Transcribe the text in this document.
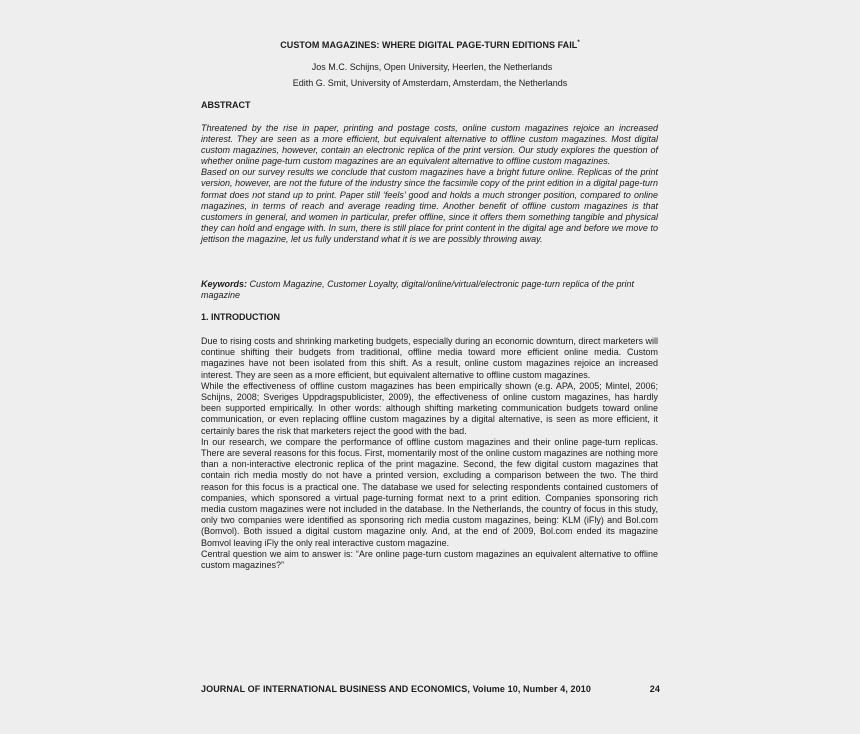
CUSTOM MAGAZINES: WHERE DIGITAL PAGE-TURN EDITIONS FAIL*
Jos M.C. Schijns, Open University, Heerlen, the Netherlands
Edith G. Smit, University of Amsterdam, Amsterdam, the Netherlands
ABSTRACT

Threatened by the rise in paper, printing and postage costs, online custom magazines rejoice an increased interest. They are seen as a more efficient, but equivalent alternative to offline custom magazines. Most digital custom magazines, however, contain an electronic replica of the print version. Our study explores the question of whether online page-turn custom magazines are an equivalent alternative to offline custom magazines.

Based on our survey results we conclude that custom magazines have a bright future online. Replicas of the print version, however, are not the future of the industry since the facsimile copy of the print edition in a digital page-turn format does not stand up to print. Paper still ‘feels’ good and holds a much stronger position, compared to online magazines, in terms of reach and average reading time. Another benefit of offline custom magazines is that customers in general, and women in particular, prefer offline, since it offers them something tangible and physical they can hold and engage with. In sum, there is still place for print content in the digital age and before we move to jettison the magazine, let us fully understand what it is we are possibly throwing away.

Keywords: Custom Magazine, Customer Loyalty, digital/online/virtual/electronic page-turn replica of the print magazine
1. INTRODUCTION

Due to rising costs and shrinking marketing budgets, especially during an economic downturn, direct marketers will continue shifting their budgets from traditional, offline media toward more efficient online media. Custom magazines have not been isolated from this shift. As a result, online custom magazines rejoice an increased interest. They are seen as a more efficient, but equivalent alternative to offline custom magazines.

While the effectiveness of offline custom magazines has been empirically shown (e.g. APA, 2005; Mintel, 2006; Schijns, 2008; Sveriges Uppdragspublicister, 2009), the effectiveness of online custom magazines, has hardly been supported empirically. In other words: although shifting marketing communication budgets toward online communication, or even replacing offline custom magazines by a digital alternative, is seen as more efficient, it certainly bares the risk that marketers reject the good with the bad.

In our research, we compare the performance of offline custom magazines and their online page-turn replicas. There are several reasons for this focus. First, momentarily most of the online custom magazines are nothing more than a non-interactive electronic replica of the print magazine. Second, the few digital custom magazines that contain rich media mostly do not have a printed version, excluding a comparison between the two. The third reason for this focus is a practical one. The database we used for selecting respondents contained customers of companies, which sponsored a virtual page-turning format next to a print edition. Companies sponsoring rich media custom magazines were not included in the database. In the Netherlands, the country of focus in this study, only two companies were identified as sponsoring rich media custom magazines, being: KLM (iFly) and Bol.com (Bomvol). Both issued a digital custom magazine only. And, at the end of 2009, Bol.com ended its magazine Bomvol leaving iFly the only real interactive custom magazine.

Central question we aim to answer is: “Are online page-turn custom magazines an equivalent alternative to offline custom magazines?”

JOURNAL OF INTERNATIONAL BUSINESS AND ECONOMICS, Volume 10, Number 4, 2010	24
